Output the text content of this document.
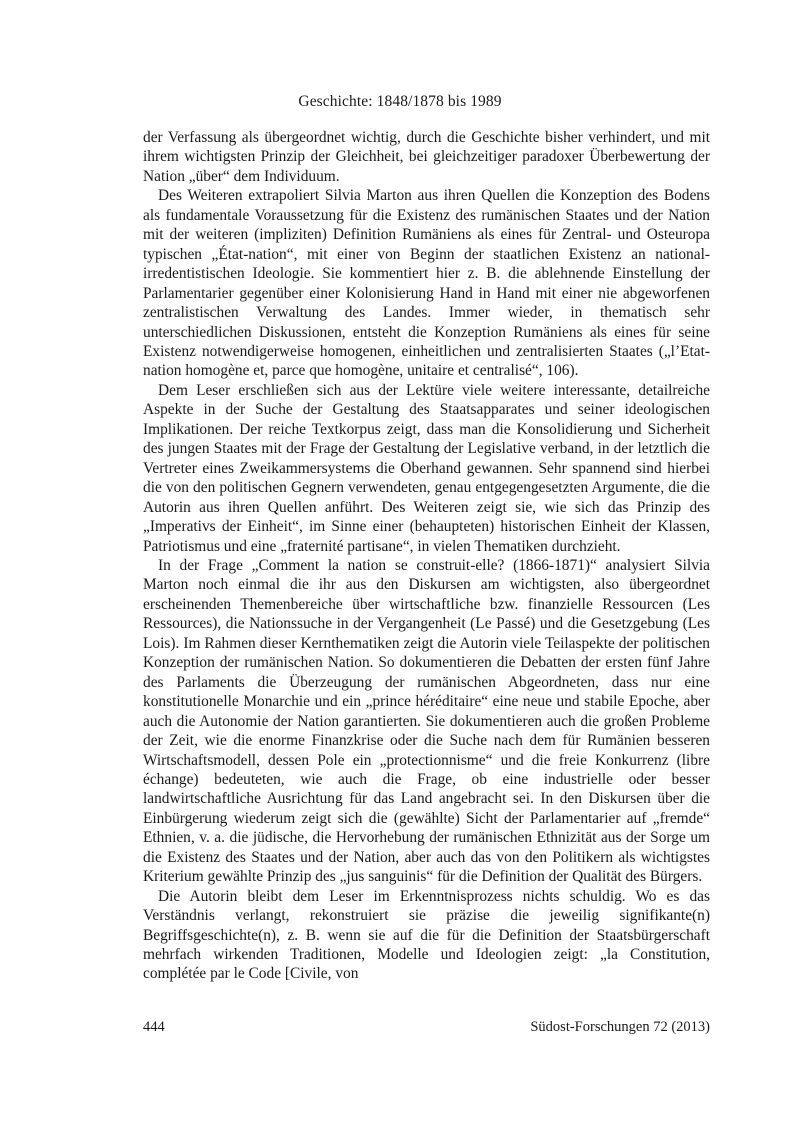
Geschichte: 1848/1878 bis 1989

der Verfassung als übergeordnet wichtig, durch die Geschichte bisher verhindert, und mit ihrem wichtigsten Prinzip der Gleichheit, bei gleichzeitiger paradoxer Überbewertung der Nation „über“ dem Individuum.

Des Weiteren extrapoliert Silvia Marton aus ihren Quellen die Konzeption des Bodens als fundamentale Voraussetzung für die Existenz des rumänischen Staates und der Nation mit der weiteren (impliziten) Definition Rumäniens als eines für Zentral- und Osteuropa typischen „État-nation“, mit einer von Beginn der staatlichen Existenz an national-irredentistischen Ideologie. Sie kommentiert hier z. B. die ablehnende Einstellung der Parlamentarier gegenüber einer Kolonisierung Hand in Hand mit einer nie abgeworfenen zentralistischen Verwaltung des Landes. Immer wieder, in thematisch sehr unterschiedlichen Diskussionen, entsteht die Konzeption Rumäniens als eines für seine Existenz notwendigerweise homogenen, einheitlichen und zentralisierten Staates („l’Etat-nation homogène et, parce que homogène, unitaire et centralisé“, 106).

Dem Leser erschließen sich aus der Lektüre viele weitere interessante, detailreiche Aspekte in der Suche der Gestaltung des Staatsapparates und seiner ideologischen Implikationen. Der reiche Textkorpus zeigt, dass man die Konsolidierung und Sicherheit des jungen Staates mit der Frage der Gestaltung der Legislative verband, in der letztlich die Vertreter eines Zweikammersystems die Oberhand gewannen. Sehr spannend sind hierbei die von den politischen Gegnern verwendeten, genau entgegengesetzten Argumente, die die Autorin aus ihren Quellen anführt. Des Weiteren zeigt sie, wie sich das Prinzip des „Imperativs der Einheit“, im Sinne einer (behaupteten) historischen Einheit der Klassen, Patriotismus und eine „fraternité partisane“, in vielen Thematiken durchzieht.

In der Frage „Comment la nation se construit-elle? (1866-1871)“ analysiert Silvia Marton noch einmal die ihr aus den Diskursen am wichtigsten, also übergeordnet erscheinenden Themenbereiche über wirtschaftliche bzw. finanzielle Ressourcen (Les Ressources), die Nationssuche in der Vergangenheit (Le Passé) und die Gesetzgebung (Les Lois). Im Rahmen dieser Kernthematiken zeigt die Autorin viele Teilaspekte der politischen Konzeption der rumänischen Nation. So dokumentieren die Debatten der ersten fünf Jahre des Parlaments die Überzeugung der rumänischen Abgeordneten, dass nur eine konstitutionelle Monarchie und ein „prince héréditaire“ eine neue und stabile Epoche, aber auch die Autonomie der Nation garantierten. Sie dokumentieren auch die großen Probleme der Zeit, wie die enorme Finanzkrise oder die Suche nach dem für Rumänien besseren Wirtschaftsmodell, dessen Pole ein „protectionnisme“ und die freie Konkurrenz (libre échange) bedeuteten, wie auch die Frage, ob eine industrielle oder besser landwirtschaftliche Ausrichtung für das Land angebracht sei. In den Diskursen über die Einbürgerung wiederum zeigt sich die (gewählte) Sicht der Parlamentarier auf „fremde“ Ethnien, v. a. die jüdische, die Hervorhebung der rumänischen Ethnizität aus der Sorge um die Existenz des Staates und der Nation, aber auch das von den Politikern als wichtigstes Kriterium gewählte Prinzip des „jus sanguinis“ für die Definition der Qualität des Bürgers.

Die Autorin bleibt dem Leser im Erkenntnisprozess nichts schuldig. Wo es das Verständnis verlangt, rekonstruiert sie präzise die jeweilig signifikante(n) Begriffsgeschichte(n), z. B. wenn sie auf die für die Definition der Staatsbürgerschaft mehrfach wirkenden Traditionen, Modelle und Ideologien zeigt: „la Constitution, complétée par le Code [Civile, von

444	Südost-Forschungen 72 (2013)
